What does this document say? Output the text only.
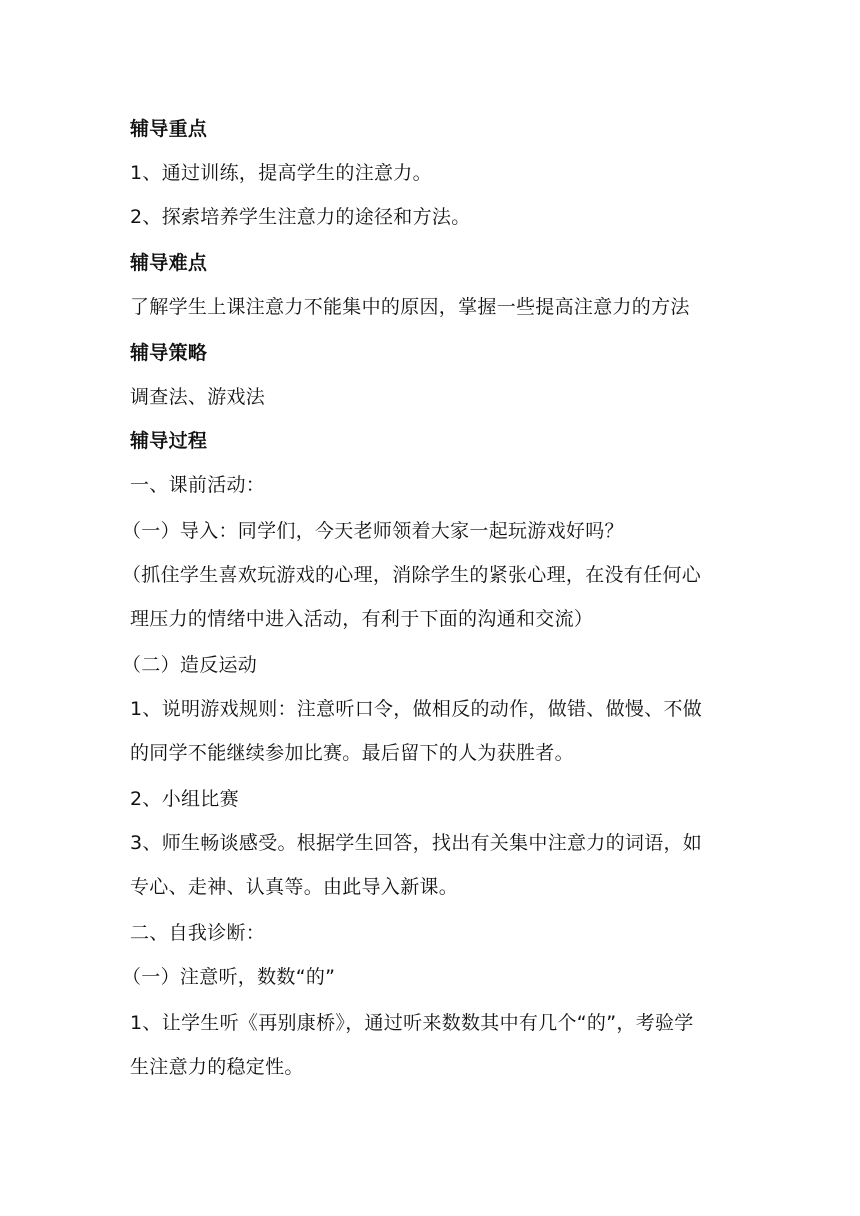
辅导重点
1、通过训练，提高学生的注意力。
2、探索培养学生注意力的途径和方法。
辅导难点
了解学生上课注意力不能集中的原因，掌握一些提高注意力的方法
辅导策略
调查法、游戏法
辅导过程
一、课前活动：
（一）导入：同学们，今天老师领着大家一起玩游戏好吗？
（抓住学生喜欢玩游戏的心理，消除学生的紧张心理，在没有任何心
理压力的情绪中进入活动，有利于下面的沟通和交流）
（二）造反运动
1、说明游戏规则：注意听口令，做相反的动作，做错、做慢、不做
的同学不能继续参加比赛。最后留下的人为获胜者。
2、小组比赛
3、师生畅谈感受。根据学生回答，找出有关集中注意力的词语，如
专心、走神、认真等。由此导入新课。
二、自我诊断：
（一）注意听，数数“的”
1、让学生听《再别康桥》，通过听来数数其中有几个“的”，考验学
生注意力的稳定性。
